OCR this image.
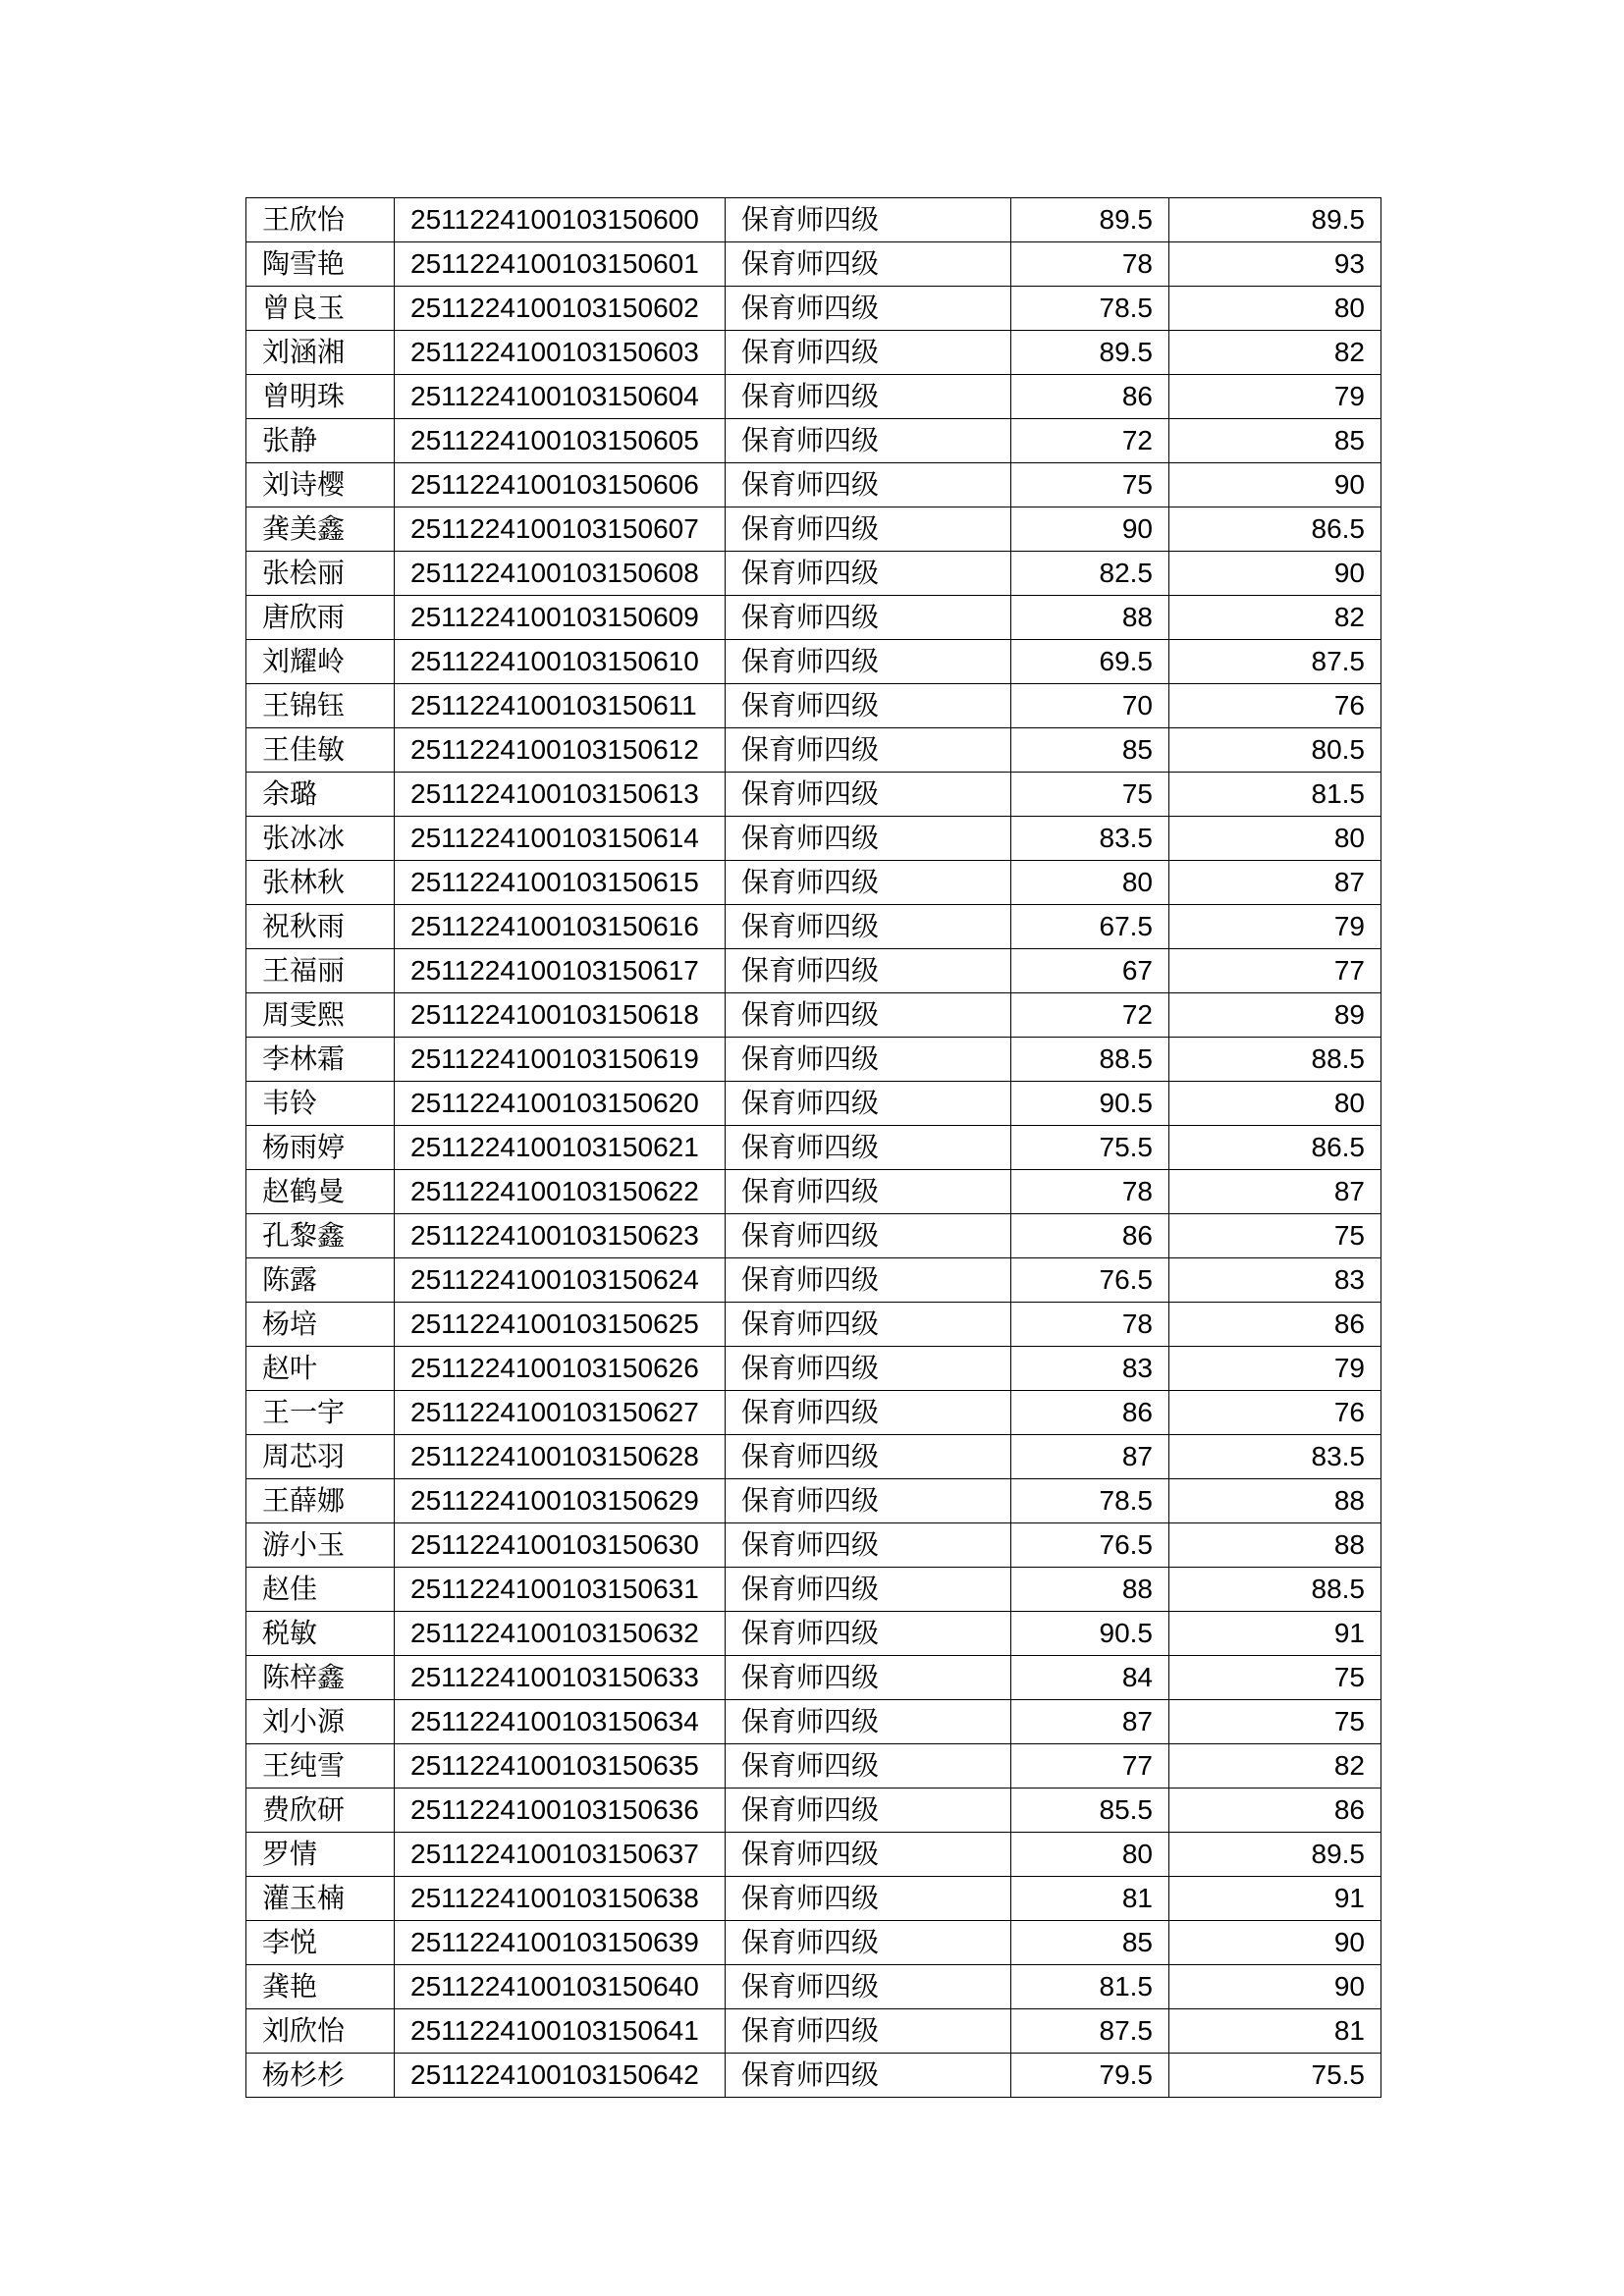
王欣怡	2511224100103150600	保育师四级	89.5	89.5
陶雪艳	2511224100103150601	保育师四级	78	93
曾良玉	2511224100103150602	保育师四级	78.5	80
刘涵湘	2511224100103150603	保育师四级	89.5	82
曾明珠	2511224100103150604	保育师四级	86	79
张静	2511224100103150605	保育师四级	72	85
刘诗樱	2511224100103150606	保育师四级	75	90
龚美鑫	2511224100103150607	保育师四级	90	86.5
张桧丽	2511224100103150608	保育师四级	82.5	90
唐欣雨	2511224100103150609	保育师四级	88	82
刘耀岭	2511224100103150610	保育师四级	69.5	87.5
王锦钰	2511224100103150611	保育师四级	70	76
王佳敏	2511224100103150612	保育师四级	85	80.5
余璐	2511224100103150613	保育师四级	75	81.5
张冰冰	2511224100103150614	保育师四级	83.5	80
张林秋	2511224100103150615	保育师四级	80	87
祝秋雨	2511224100103150616	保育师四级	67.5	79
王福丽	2511224100103150617	保育师四级	67	77
周雯熙	2511224100103150618	保育师四级	72	89
李林霜	2511224100103150619	保育师四级	88.5	88.5
韦铃	2511224100103150620	保育师四级	90.5	80
杨雨婷	2511224100103150621	保育师四级	75.5	86.5
赵鹤曼	2511224100103150622	保育师四级	78	87
孔黎鑫	2511224100103150623	保育师四级	86	75
陈露	2511224100103150624	保育师四级	76.5	83
杨培	2511224100103150625	保育师四级	78	86
赵叶	2511224100103150626	保育师四级	83	79
王一宇	2511224100103150627	保育师四级	86	76
周芯羽	2511224100103150628	保育师四级	87	83.5
王薛娜	2511224100103150629	保育师四级	78.5	88
游小玉	2511224100103150630	保育师四级	76.5	88
赵佳	2511224100103150631	保育师四级	88	88.5
税敏	2511224100103150632	保育师四级	90.5	91
陈梓鑫	2511224100103150633	保育师四级	84	75
刘小源	2511224100103150634	保育师四级	87	75
王纯雪	2511224100103150635	保育师四级	77	82
费欣研	2511224100103150636	保育师四级	85.5	86
罗情	2511224100103150637	保育师四级	80	89.5
灌玉楠	2511224100103150638	保育师四级	81	91
李悦	2511224100103150639	保育师四级	85	90
龚艳	2511224100103150640	保育师四级	81.5	90
刘欣怡	2511224100103150641	保育师四级	87.5	81
杨杉杉	2511224100103150642	保育师四级	79.5	75.5
